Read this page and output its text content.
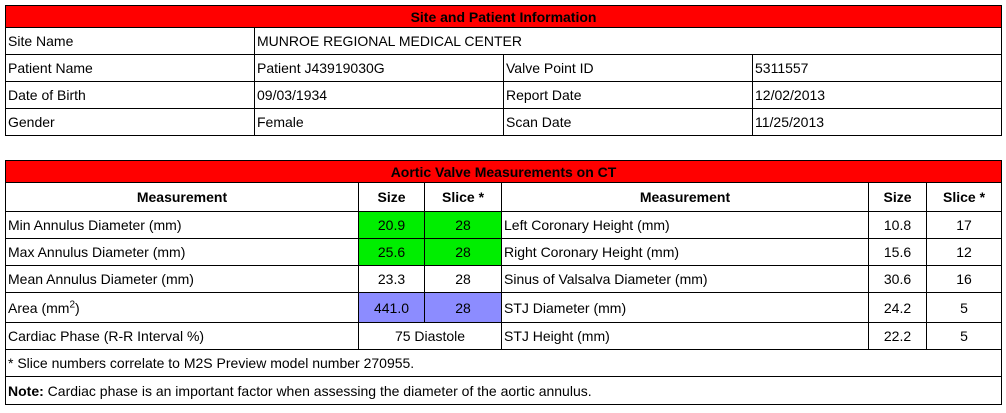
Site and Patient Information			
Site Name	MUNROE REGIONAL MEDICAL CENTER		
Patient Name	Patient J43919030G	Valve Point ID	5311557
Date of Birth	09/03/1934	Report Date	12/02/2013
Gender	Female	Scan Date	11/25/2013
Aortic Valve Measurements on CT					
Measurement	Size	Slice *	Measurement	Size	Slice *
Min Annulus Diameter (mm)	20.9	28	Left Coronary Height (mm)	10.8	17
Max Annulus Diameter (mm)	25.6	28	Right Coronary Height (mm)	15.6	12
Mean Annulus Diameter (mm)	23.3	28	Sinus of Valsalva Diameter (mm)	30.6	16
Area $(mm^2)$	441.0	28	STJ Diameter (mm)	24.2	5
Cardiac Phase (R-R Interval %)	75 Diastole		STJ Height (mm)	22.2	5
* Slice numbers correlate to M2S Preview model number 270955.					
Note: Cardiac phase is an important factor when assessing the diameter of the aortic annulus.					
